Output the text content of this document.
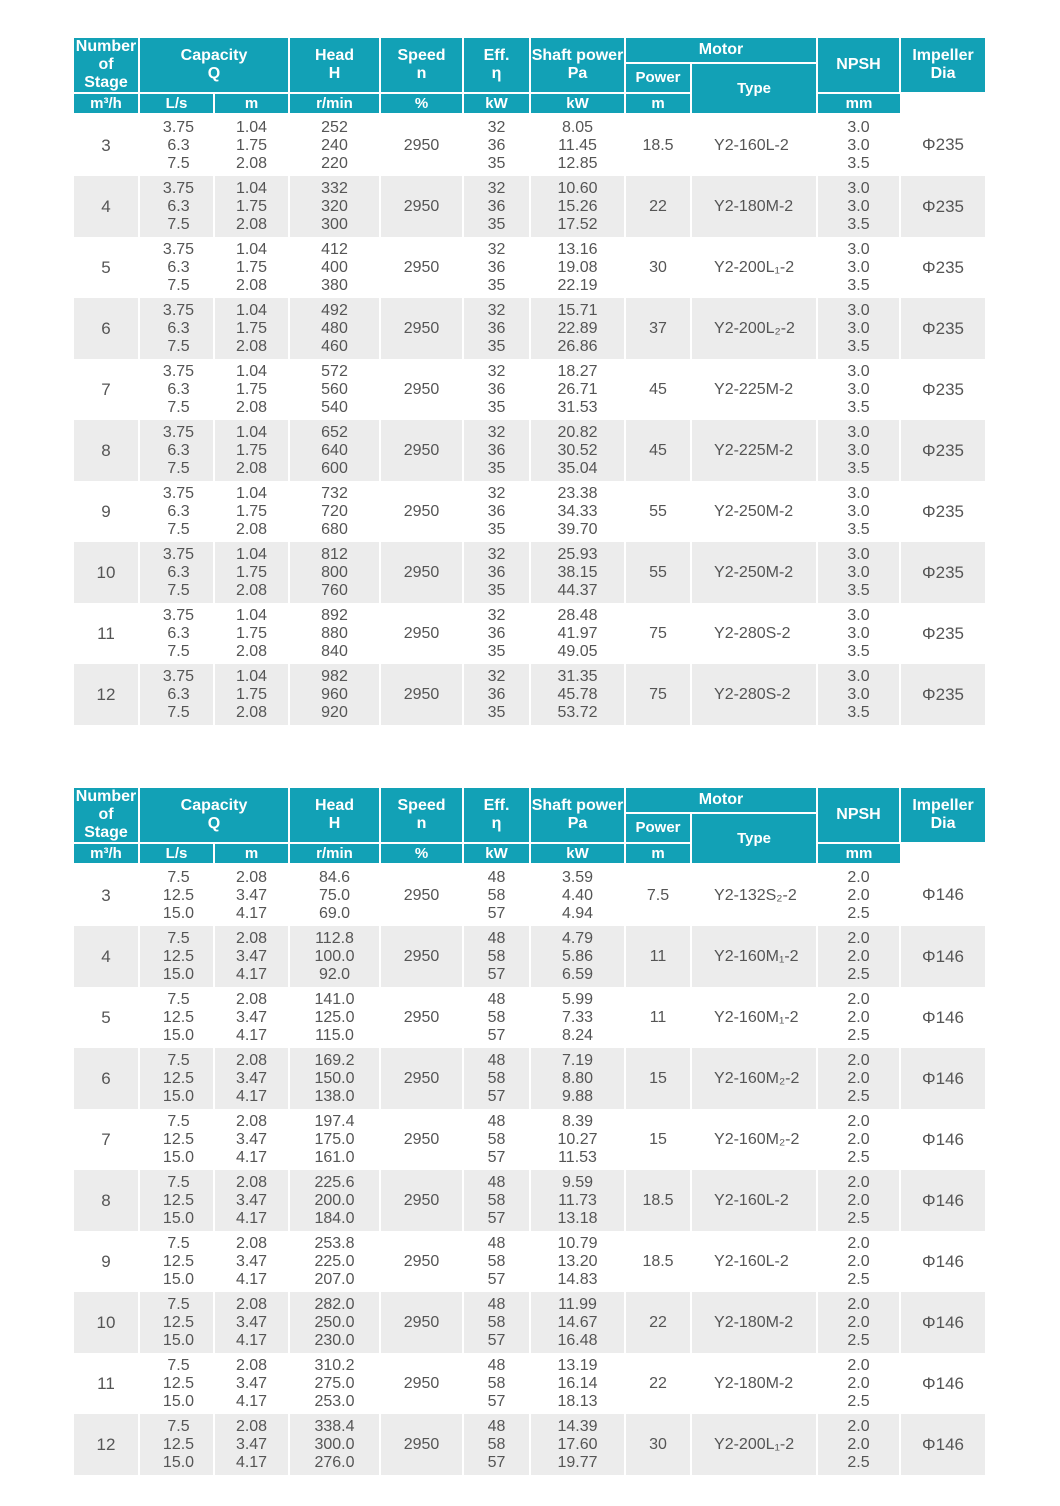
Number
of
Stage	Capacity
Q		Head
H	Speed
n	Eff.
η	Shaft power
Pa	Motor		NPSH	Impeller
Dia

							Power	Type		
m³/h	L/s	m	r/min	%	kW	kW	m		mm	
3	3.75
6.3
7.5	1.04
1.75
2.08	252
240
220	2950	32
36
35	8.05
11.45
12.85	18.5	Y2-160L-2	3.0
3.0
3.5	Φ235
4	3.75
6.3
7.5	1.04
1.75
2.08	332
320
300	2950	32
36
35	10.60
15.26
17.52	22	Y2-180M-2	3.0
3.0
3.5	Φ235
5	3.75
6.3
7.5	1.04
1.75
2.08	412
400
380	2950	32
36
35	13.16
19.08
22.19	30	Y2-200L₁-2	3.0
3.0
3.5	Φ235
6	3.75
6.3
7.5	1.04
1.75
2.08	492
480
460	2950	32
36
35	15.71
22.89
26.86	37	Y2-200L₂-2	3.0
3.0
3.5	Φ235
7	3.75
6.3
7.5	1.04
1.75
2.08	572
560
540	2950	32
36
35	18.27
26.71
31.53	45	Y2-225M-2	3.0
3.0
3.5	Φ235
8	3.75
6.3
7.5	1.04
1.75
2.08	652
640
600	2950	32
36
35	20.82
30.52
35.04	45	Y2-225M-2	3.0
3.0
3.5	Φ235
9	3.75
6.3
7.5	1.04
1.75
2.08	732
720
680	2950	32
36
35	23.38
34.33
39.70	55	Y2-250M-2	3.0
3.0
3.5	Φ235
10	3.75
6.3
7.5	1.04
1.75
2.08	812
800
760	2950	32
36
35	25.93
38.15
44.37	55	Y2-250M-2	3.0
3.0
3.5	Φ235
11	3.75
6.3
7.5	1.04
1.75
2.08	892
880
840	2950	32
36
35	28.48
41.97
49.05	75	Y2-280S-2	3.0
3.0
3.5	Φ235
12	3.75
6.3
7.5	1.04
1.75
2.08	982
960
920	2950	32
36
35	31.35
45.78
53.72	75	Y2-280S-2	3.0
3.0
3.5	Φ235
Number
of
Stage	Capacity
Q		Head
H	Speed
n	Eff.
η	Shaft power
Pa	Motor		NPSH	Impeller
Dia

							Power	Type		
m³/h	L/s	m	r/min	%	kW	kW	m		mm	
3	7.5
12.5
15.0	2.08
3.47
4.17	84.6
75.0
69.0	2950	48
58
57	3.59
4.40
4.94	7.5	Y2-132S₂-2	2.0
2.0
2.5	Φ146
4	7.5
12.5
15.0	2.08
3.47
4.17	112.8
100.0
92.0	2950	48
58
57	4.79
5.86
6.59	11	Y2-160M₁-2	2.0
2.0
2.5	Φ146
5	7.5
12.5
15.0	2.08
3.47
4.17	141.0
125.0
115.0	2950	48
58
57	5.99
7.33
8.24	11	Y2-160M₁-2	2.0
2.0
2.5	Φ146
6	7.5
12.5
15.0	2.08
3.47
4.17	169.2
150.0
138.0	2950	48
58
57	7.19
8.80
9.88	15	Y2-160M₂-2	2.0
2.0
2.5	Φ146
7	7.5
12.5
15.0	2.08
3.47
4.17	197.4
175.0
161.0	2950	48
58
57	8.39
10.27
11.53	15	Y2-160M₂-2	2.0
2.0
2.5	Φ146
8	7.5
12.5
15.0	2.08
3.47
4.17	225.6
200.0
184.0	2950	48
58
57	9.59
11.73
13.18	18.5	Y2-160L-2	2.0
2.0
2.5	Φ146
9	7.5
12.5
15.0	2.08
3.47
4.17	253.8
225.0
207.0	2950	48
58
57	10.79
13.20
14.83	18.5	Y2-160L-2	2.0
2.0
2.5	Φ146
10	7.5
12.5
15.0	2.08
3.47
4.17	282.0
250.0
230.0	2950	48
58
57	11.99
14.67
16.48	22	Y2-180M-2	2.0
2.0
2.5	Φ146
11	7.5
12.5
15.0	2.08
3.47
4.17	310.2
275.0
253.0	2950	48
58
57	13.19
16.14
18.13	22	Y2-180M-2	2.0
2.0
2.5	Φ146
12	7.5
12.5
15.0	2.08
3.47
4.17	338.4
300.0
276.0	2950	48
58
57	14.39
17.60
19.77	30	Y2-200L₁-2	2.0
2.0
2.5	Φ146
